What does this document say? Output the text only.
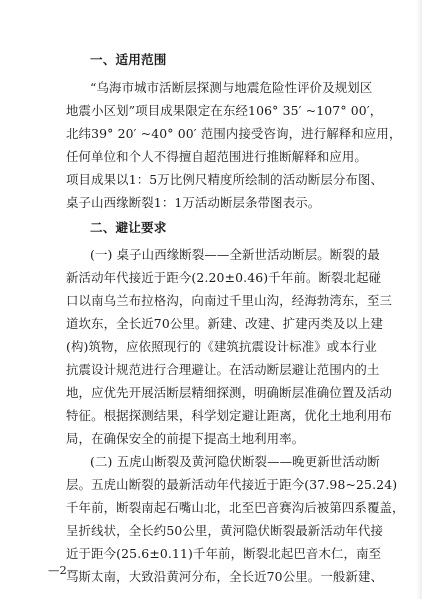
一、适用范围
“乌海市城市活断层探测与地震危险性评价及规划区
地震小区划”项目成果限定在东经106° 35′ ~107° 00′，
北纬39° 20′ ~40° 00′ 范围内接受咨询，进行解释和应用，
任何单位和个人不得擅自超范围进行推断解释和应用。
项目成果以1：5万比例尺精度所绘制的活动断层分布图、
桌子山西缘断裂1：1万活动断层条带图表示。
二、避让要求
(一) 桌子山西缘断裂——全新世活动断层。断裂的最
新活动年代接近于距今(2.20±0.46)千年前。断裂北起碰
口以南乌兰布拉格沟，向南过千里山沟，经海勃湾东，至三
道坎东，全长近70公里。新建、改建、扩建丙类及以上建
(构)筑物，应依照现行的《建筑抗震设计标准》或本行业
抗震设计规范进行合理避让。在活动断层避让范围内的土
地，应优先开展活断层精细探测，明确断层准确位置及活动
特征。根据探测结果，科学划定避让距离，优化土地利用布
局，在确保安全的前提下提高土地利用率。
(二) 五虎山断裂及黄河隐伏断裂——晚更新世活动断
层。五虎山断裂的最新活动年代接近于距今(37.98~25.24)
千年前，断裂南起石嘴山北，北至巴音赛沟后被第四系覆盖，
呈折线状，全长约50公里，黄河隐伏断裂最新活动年代接
近于距今(25.6±0.11)千年前，断裂北起巴音木仁，南至
乌斯太南，大致沿黄河分布，全长近70公里。一般新建、
—2—
